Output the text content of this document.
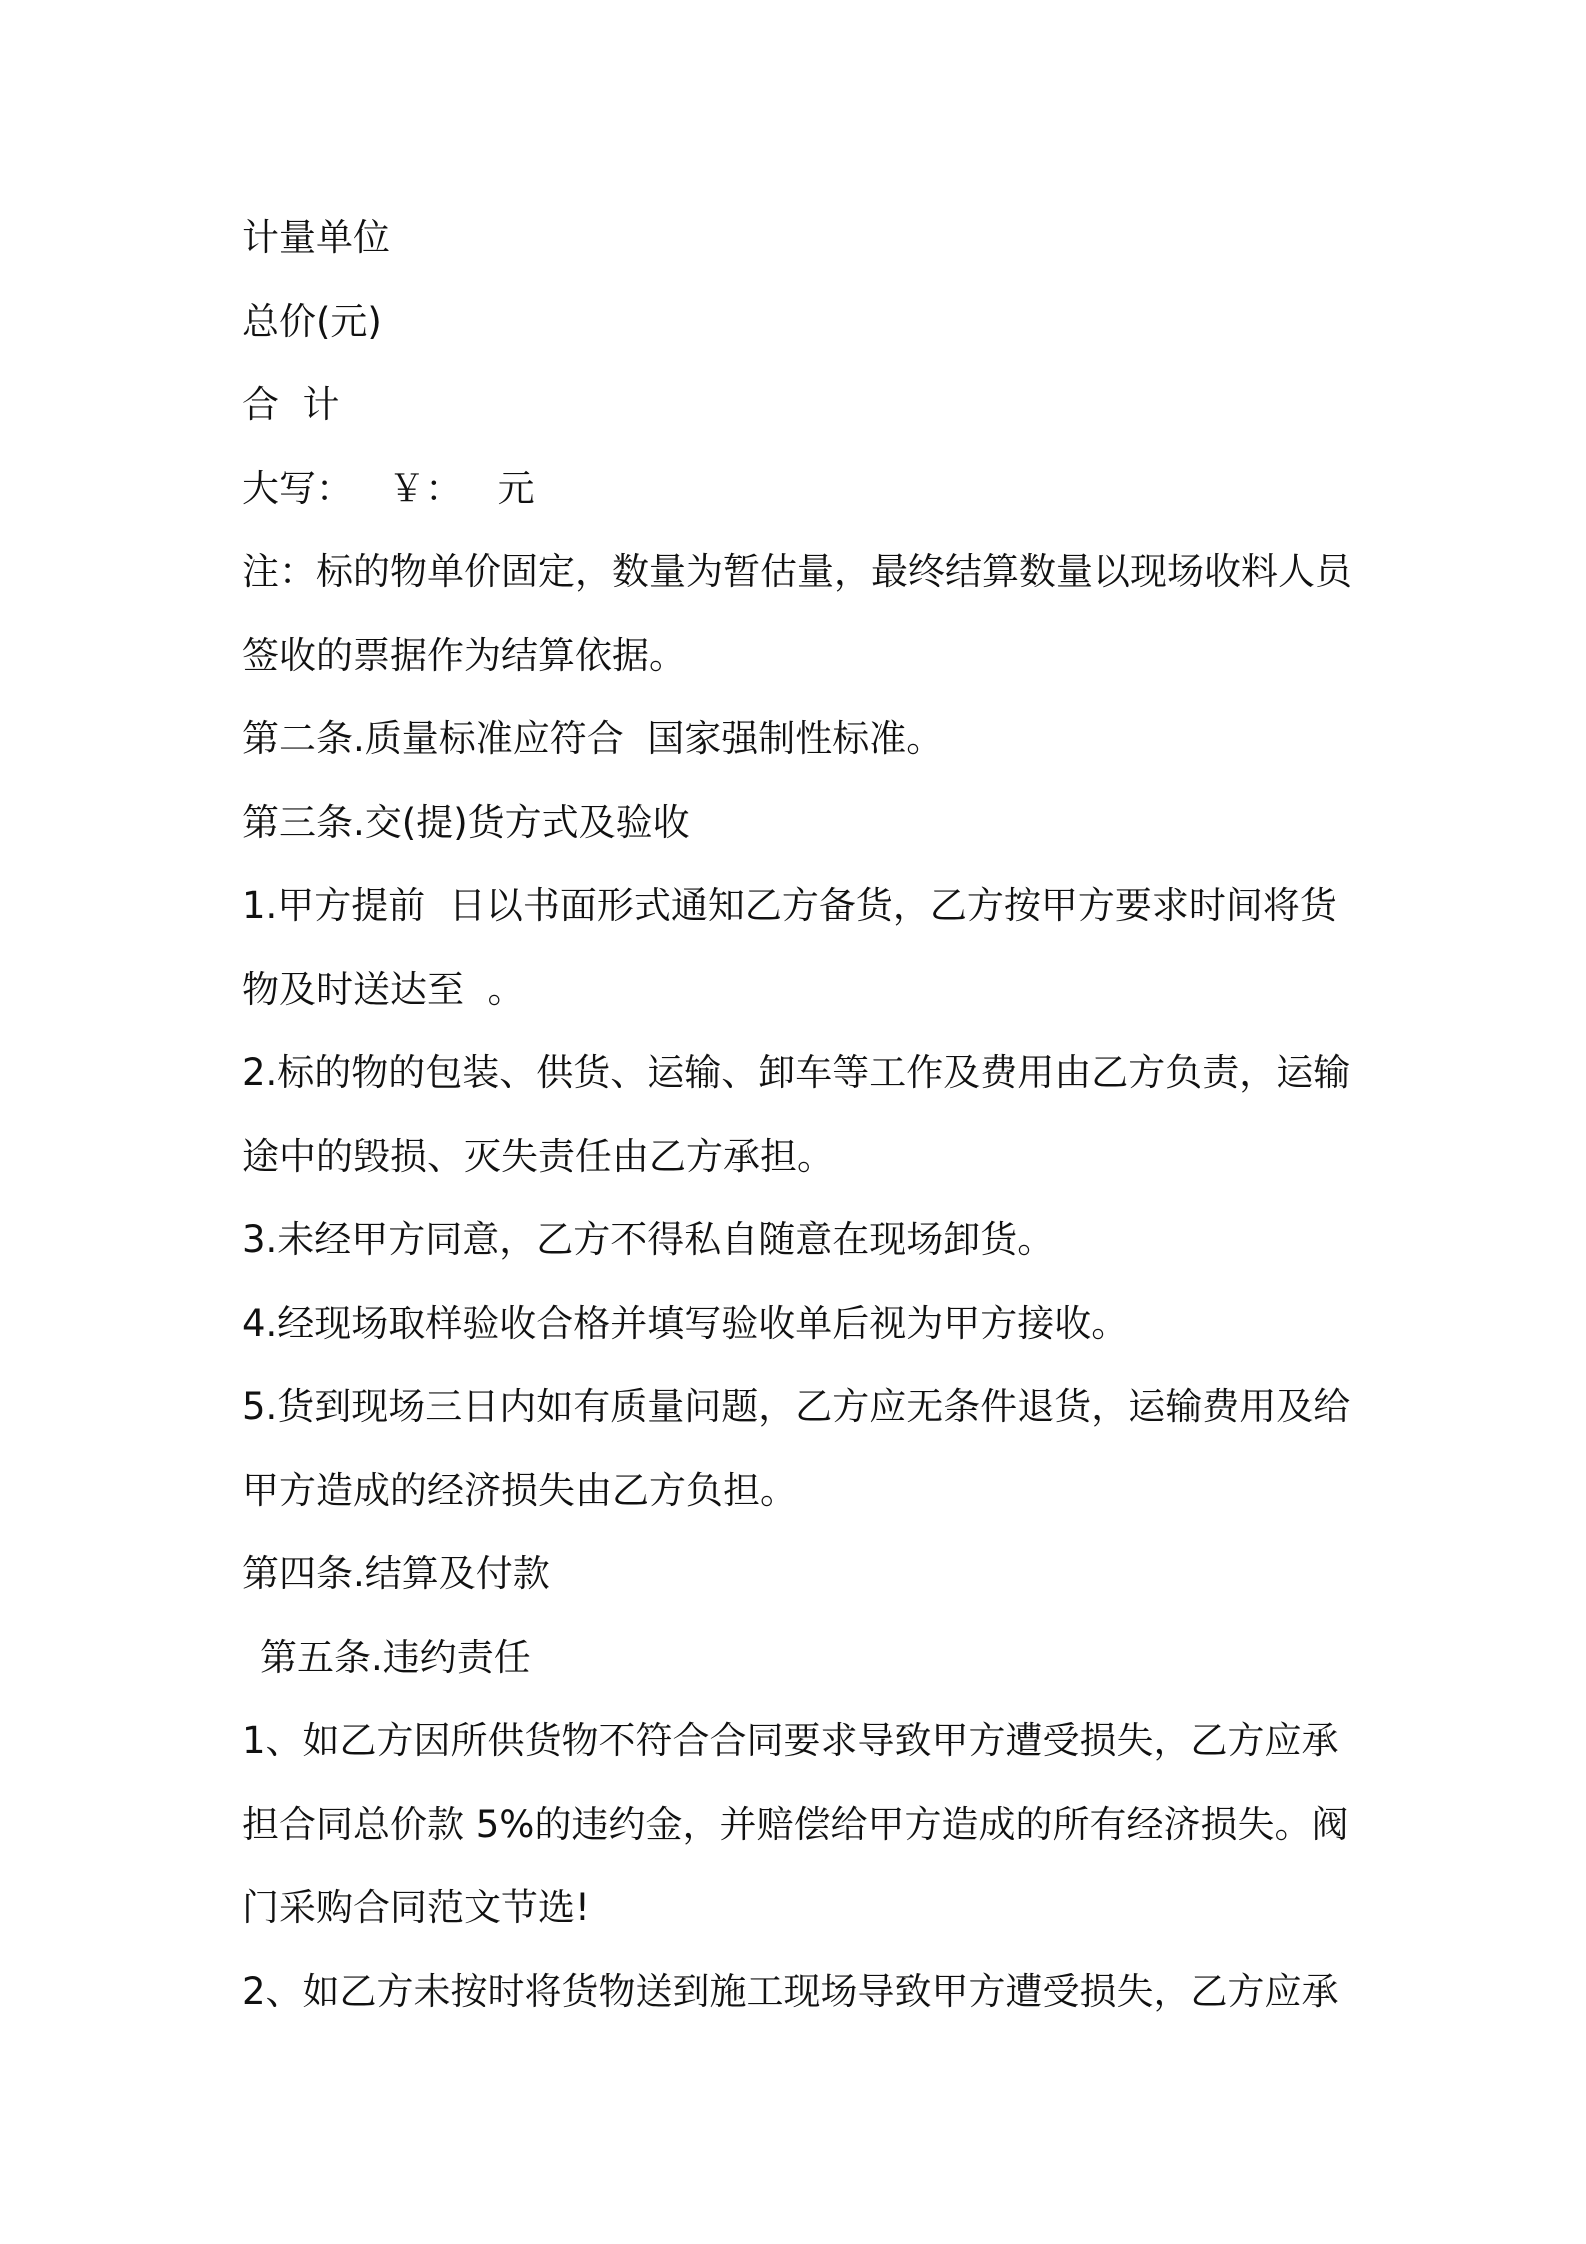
计量单位

总价(元)

合  计

大写：   ￥：   元

注：标的物单价固定，数量为暂估量，最终结算数量以现场收料人员

签收的票据作为结算依据。

第二条.质量标准应符合  国家强制性标准。

第三条.交(提)货方式及验收

1.甲方提前  日以书面形式通知乙方备货，乙方按甲方要求时间将货

物及时送达至  。

2.标的物的包装、供货、运输、卸车等工作及费用由乙方负责，运输

途中的毁损、灭失责任由乙方承担。

3.未经甲方同意，乙方不得私自随意在现场卸货。

4.经现场取样验收合格并填写验收单后视为甲方接收。

5.货到现场三日内如有质量问题，乙方应无条件退货，运输费用及给

甲方造成的经济损失由乙方负担。

第四条.结算及付款

第五条.违约责任

1、如乙方因所供货物不符合合同要求导致甲方遭受损失，乙方应承

担合同总价款 5%的违约金，并赔偿给甲方造成的所有经济损失。阀

门采购合同范文节选!

2、如乙方未按时将货物送到施工现场导致甲方遭受损失，乙方应承
